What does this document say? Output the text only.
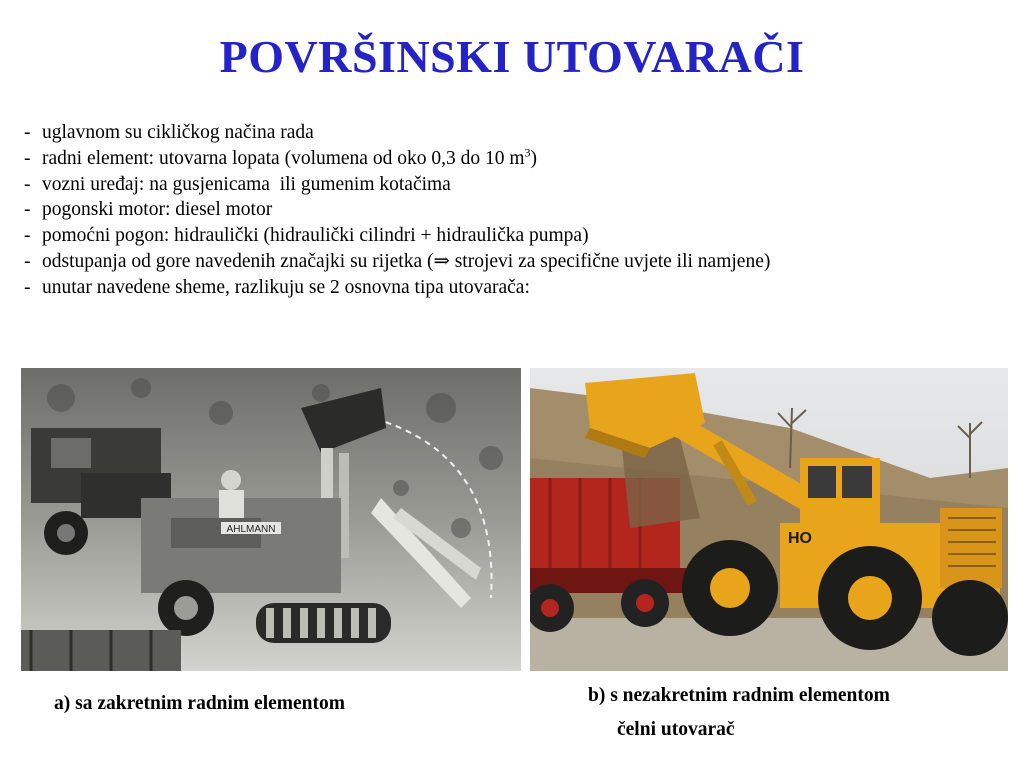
POVRŠINSKI UTOVARAČI
- uglavnom su cikličkog načina rada
- radni element: utovarna lopata (volumena od oko 0,3 do 10 $m^3$)
- vozni uređaj: na gusjenicama  ili gumenim kotačima
- pogonski motor: diesel motor
- pomoćni pogon: hidraulički (hidraulički cilindri + hidraulička pumpa)
- odstupanja od gore navedenih značajki su rijetka (⇒ strojevi za specifične uvjete ili namjene)
- unutar navedene sheme, razlikuju se 2 osnovna tipa utovarača:
AHLMANN
HO
a) sa zakretnim radnim elementom	b) s nezakretnim radnim elementom
čelni utovarač
